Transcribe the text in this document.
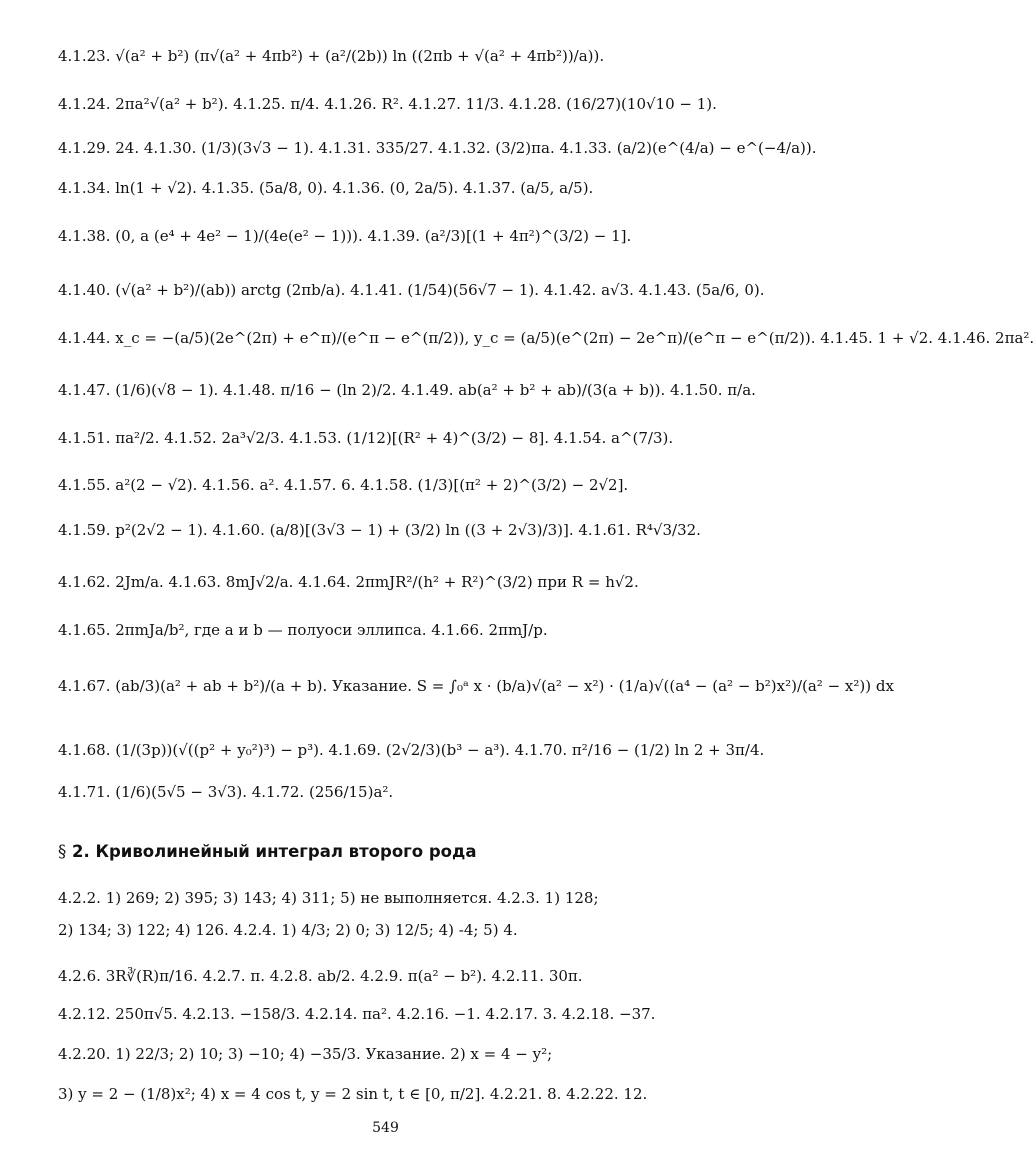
4.1.23. √(a² + b²) (π√(a² + 4πb²) + (a²/(2b)) ln ((2πb + √(a² + 4πb²))/a)).
4.1.24. 2πa²√(a² + b²). 4.1.25. π/4. 4.1.26. R². 4.1.27. 11/3. 4.1.28. (16/27)(10√10 − 1).
4.1.29. 24. 4.1.30. (1/3)(3√3 − 1). 4.1.31. 335/27. 4.1.32. (3/2)πa. 4.1.33. (a/2)(e^(4/a) − e^(−4/a)).
4.1.34. ln(1 + √2). 4.1.35. (5a/8, 0). 4.1.36. (0, 2a/5). 4.1.37. (a/5, a/5).
4.1.38. (0, a (e⁴ + 4e² − 1)/(4e(e² − 1))). 4.1.39. (a²/3)[(1 + 4π²)^(3/2) − 1].
4.1.40. (√(a² + b²)/(ab)) arctg (2πb/a). 4.1.41. (1/54)(56√7 − 1). 4.1.42. a√3. 4.1.43. (5a/6, 0).
4.1.44. x_c = −(a/5)(2e^(2π) + e^π)/(e^π − e^(π/2)), y_c = (a/5)(e^(2π) − 2e^π)/(e^π − e^(π/2)). 4.1.45. 1 + √2. 4.1.46. 2πa².
4.1.47. (1/6)(√8 − 1). 4.1.48. π/16 − (ln 2)/2. 4.1.49. ab(a² + b² + ab)/(3(a + b)). 4.1.50. π/a.
4.1.51. πa²/2. 4.1.52. 2a³√2/3. 4.1.53. (1/12)[(R² + 4)^(3/2) − 8]. 4.1.54. a^(7/3).
4.1.55. a²(2 − √2). 4.1.56. a². 4.1.57. 6. 4.1.58. (1/3)[(π² + 2)^(3/2) − 2√2].
4.1.59. p²(2√2 − 1). 4.1.60. (a/8)[(3√3 − 1) + (3/2) ln ((3 + 2√3)/3)]. 4.1.61. R⁴√3/32.
4.1.62. 2Jm/a. 4.1.63. 8mJ√2/a. 4.1.64. 2πmJR²/(h² + R²)^(3/2) при R = h√2.
4.1.65. 2πmJa/b², где a и b — полуоси эллипса. 4.1.66. 2πmJ/p.
4.1.67. (ab/3)(a² + ab + b²)/(a + b). Указание. S = ∫₀ᵃ x · (b/a)√(a² − x²) · (1/a)√((a⁴ − (a² − b²)x²)/(a² − x²)) dx
4.1.68. (1/(3p))(√((p² + y₀²)³) − p³). 4.1.69. (2√2/3)(b³ − a³). 4.1.70. π²/16 − (1/2) ln 2 + 3π/4.
4.1.71. (1/6)(5√5 − 3√3). 4.1.72. (256/15)a².
§ 2. Криволинейный интеграл второго рода
4.2.2. 1) 269; 2) 395; 3) 143; 4) 311; 5) не выполняется. 4.2.3. 1) 128;
2) 134; 3) 122; 4) 126. 4.2.4. 1) 4/3; 2) 0; 3) 12/5; 4) -4; 5) 4.
4.2.6. 3R∛(R)π/16. 4.2.7. π. 4.2.8. ab/2. 4.2.9. π(a² − b²). 4.2.11. 30π.
4.2.12. 250π√5. 4.2.13. −158/3. 4.2.14. πa². 4.2.16. −1. 4.2.17. 3. 4.2.18. −37.
4.2.20. 1) 22/3; 2) 10; 3) −10; 4) −35/3. Указание. 2) x = 4 − y²;
3) y = 2 − (1/8)x²; 4) x = 4 cos t, y = 2 sin t, t ∈ [0, π/2]. 4.2.21. 8. 4.2.22. 12.
549
